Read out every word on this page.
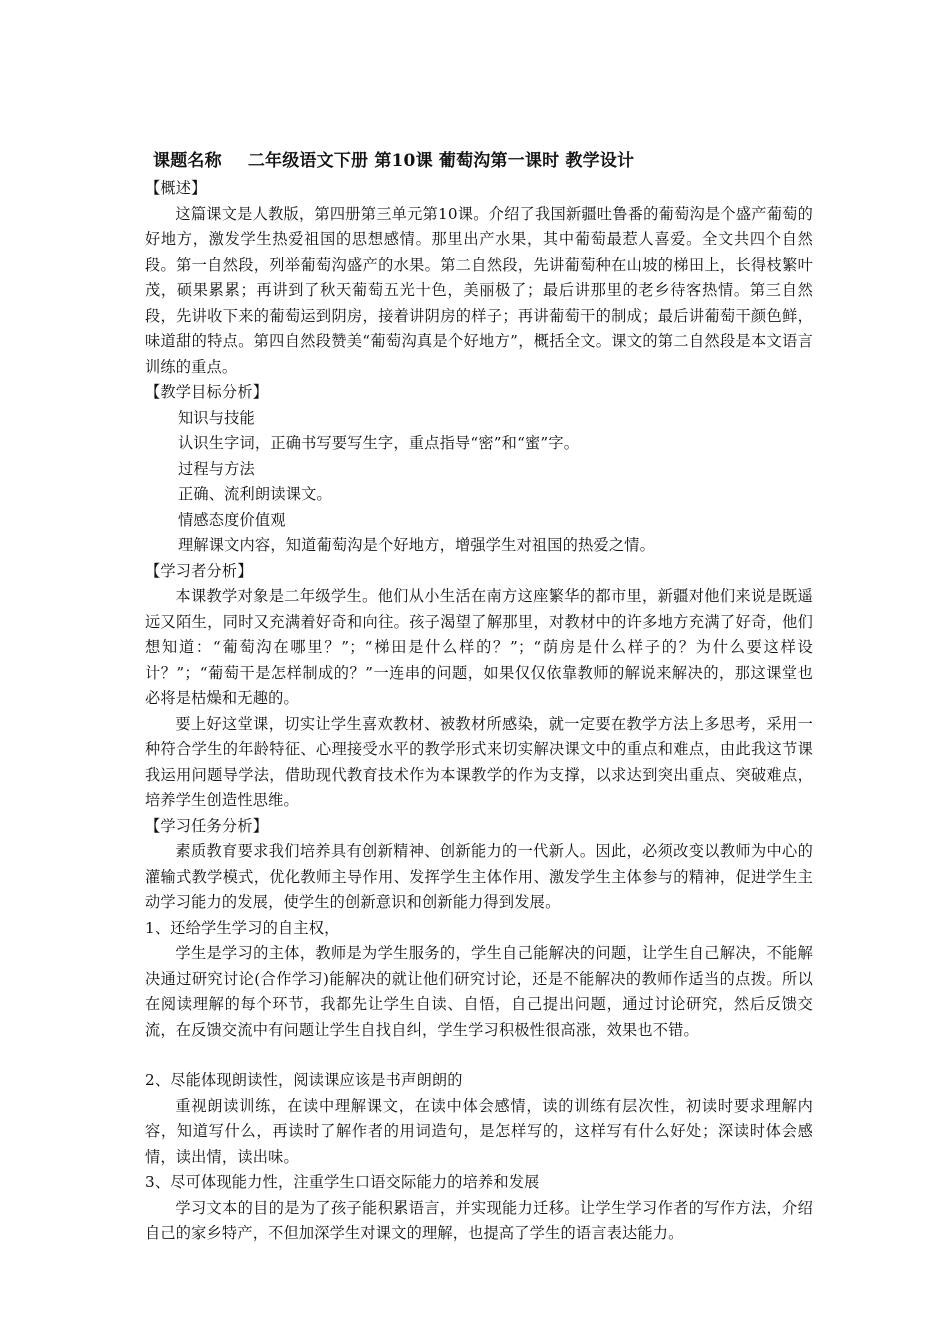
课题名称 二年级语文下册 第10课 葡萄沟第一课时 教学设计

【概述】

这篇课文是人教版，第四册第三单元第10课。介绍了我国新疆吐鲁番的葡萄沟是个盛产葡萄的好地方，激发学生热爱祖国的思想感情。那里出产水果，其中葡萄最惹人喜爱。全文共四个自然段。第一自然段，列举葡萄沟盛产的水果。第二自然段，先讲葡萄种在山坡的梯田上，长得枝繁叶茂，硕果累累；再讲到了秋天葡萄五光十色，美丽极了；最后讲那里的老乡待客热情。第三自然段，先讲收下来的葡萄运到阴房，接着讲阴房的样子；再讲葡萄干的制成；最后讲葡萄干颜色鲜，味道甜的特点。第四自然段赞美“葡萄沟真是个好地方”，概括全文。课文的第二自然段是本文语言训练的重点。

【教学目标分析】

知识与技能

认识生字词，正确书写要写生字，重点指导“密”和“蜜”字。

过程与方法

正确、流利朗读课文。

情感态度价值观

理解课文内容，知道葡萄沟是个好地方，增强学生对祖国的热爱之情。

【学习者分析】

本课教学对象是二年级学生。他们从小生活在南方这座繁华的都市里，新疆对他们来说是既遥远又陌生，同时又充满着好奇和向往。孩子渴望了解那里，对教材中的许多地方充满了好奇，他们想知道：“葡萄沟在哪里？”；“梯田是什么样的？”；“荫房是什么样子的？为什么要这样设计？”；“葡萄干是怎样制成的？”一连串的问题，如果仅仅依靠教师的解说来解决的，那这课堂也必将是枯燥和无趣的。

要上好这堂课，切实让学生喜欢教材、被教材所感染，就一定要在教学方法上多思考，采用一种符合学生的年龄特征、心理接受水平的教学形式来切实解决课文中的重点和难点，由此我这节课我运用问题导学法，借助现代教育技术作为本课教学的作为支撑，以求达到突出重点、突破难点，培养学生创造性思维。

【学习任务分析】

素质教育要求我们培养具有创新精神、创新能力的一代新人。因此，必须改变以教师为中心的灌输式教学模式，优化教师主导作用、发挥学生主体作用、激发学生主体参与的精神，促进学生主动学习能力的发展，使学生的创新意识和创新能力得到发展。

1、还给学生学习的自主权，

学生是学习的主体，教师是为学生服务的，学生自己能解决的问题，让学生自己解决，不能解决通过研究讨论(合作学习)能解决的就让他们研究讨论，还是不能解决的教师作适当的点拨。所以在阅读理解的每个环节，我都先让学生自读、自悟，自己提出问题，通过讨论研究，然后反馈交流，在反馈交流中有问题让学生自找自纠，学生学习积极性很高涨，效果也不错。

2、尽能体现朗读性，阅读课应该是书声朗朗的

重视朗读训练，在读中理解课文，在读中体会感情，读的训练有层次性，初读时要求理解内容，知道写什么，再读时了解作者的用词造句，是怎样写的，这样写有什么好处；深读时体会感情，读出情，读出味。

3、尽可体现能力性，注重学生口语交际能力的培养和发展

学习文本的目的是为了孩子能积累语言，并实现能力迁移。让学生学习作者的写作方法，介绍自己的家乡特产，不但加深学生对课文的理解，也提高了学生的语言表达能力。
